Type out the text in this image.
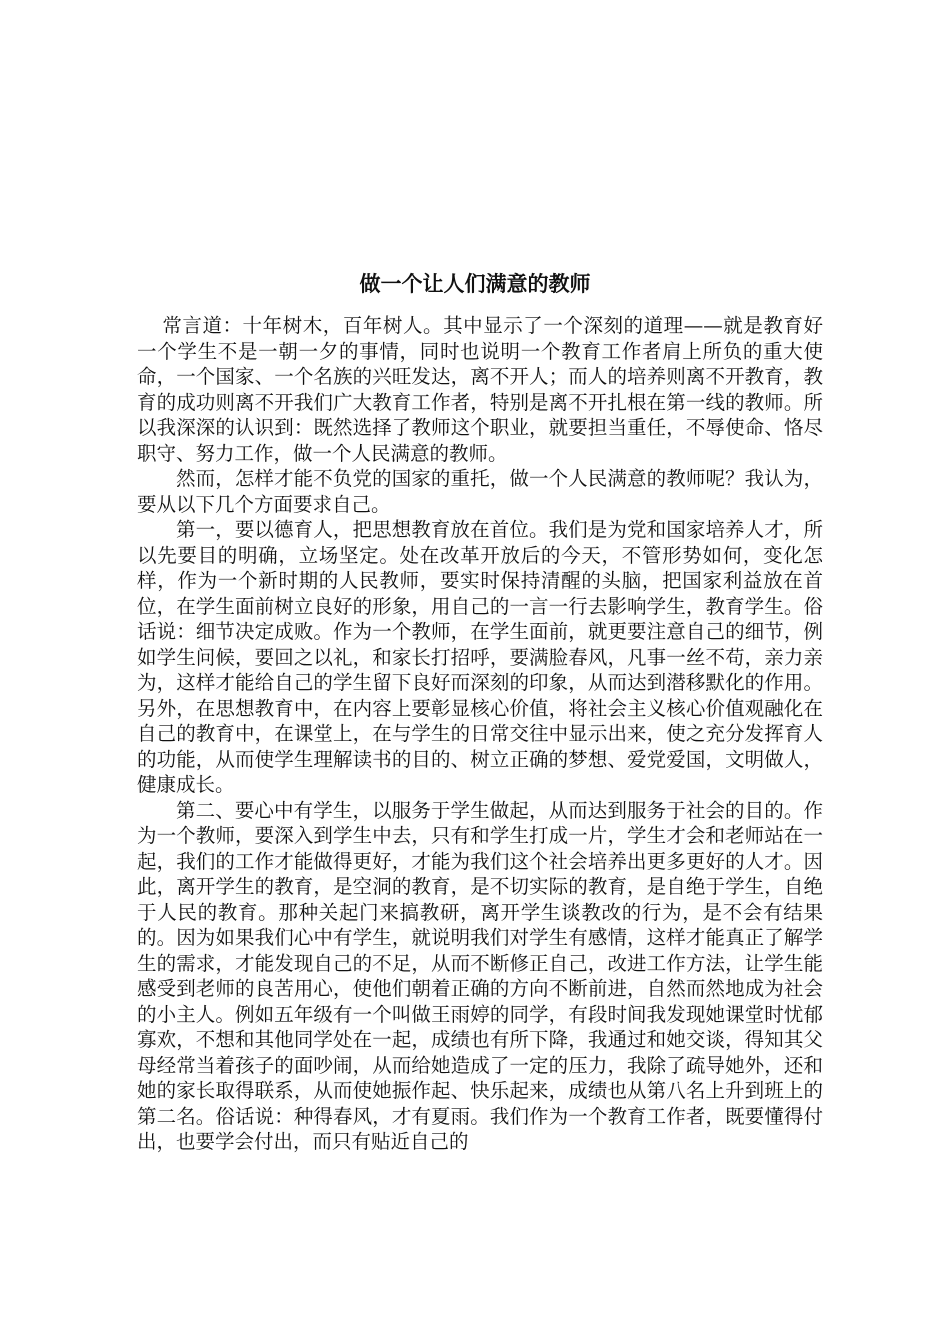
做一个让人们满意的教师

常言道：十年树木，百年树人。其中显示了一个深刻的道理——就是教育好一个学生不是一朝一夕的事情，同时也说明一个教育工作者肩上所负的重大使命，一个国家、一个名族的兴旺发达，离不开人；而人的培养则离不开教育，教育的成功则离不开我们广大教育工作者，特别是离不开扎根在第一线的教师。所以我深深的认识到：既然选择了教师这个职业，就要担当重任，不辱使命、恪尽职守、努力工作，做一个人民满意的教师。

然而，怎样才能不负党的国家的重托，做一个人民满意的教师呢？我认为，要从以下几个方面要求自己。

第一，要以德育人，把思想教育放在首位。我们是为党和国家培养人才，所以先要目的明确，立场坚定。处在改革开放后的今天，不管形势如何，变化怎样，作为一个新时期的人民教师，要实时保持清醒的头脑，把国家利益放在首位，在学生面前树立良好的形象，用自己的一言一行去影响学生，教育学生。俗话说：细节决定成败。作为一个教师，在学生面前，就更要注意自己的细节，例如学生问候，要回之以礼，和家长打招呼，要满脸春风，凡事一丝不苟，亲力亲为，这样才能给自己的学生留下良好而深刻的印象，从而达到潜移默化的作用。另外，在思想教育中，在内容上要彰显核心价值，将社会主义核心价值观融化在自己的教育中，在课堂上，在与学生的日常交往中显示出来，使之充分发挥育人的功能，从而使学生理解读书的目的、树立正确的梦想、爱党爱国，文明做人，健康成长。

第二、要心中有学生，以服务于学生做起，从而达到服务于社会的目的。作为一个教师，要深入到学生中去，只有和学生打成一片，学生才会和老师站在一起，我们的工作才能做得更好，才能为我们这个社会培养出更多更好的人才。因此，离开学生的教育，是空洞的教育，是不切实际的教育，是自绝于学生，自绝于人民的教育。那种关起门来搞教研，离开学生谈教改的行为，是不会有结果的。因为如果我们心中有学生，就说明我们对学生有感情，这样才能真正了解学生的需求，才能发现自己的不足，从而不断修正自己，改进工作方法，让学生能感受到老师的良苦用心，使他们朝着正确的方向不断前进，自然而然地成为社会的小主人。例如五年级有一个叫做王雨婷的同学，有段时间我发现她课堂时忧郁寡欢，不想和其他同学处在一起，成绩也有所下降，我通过和她交谈，得知其父母经常当着孩子的面吵闹，从而给她造成了一定的压力，我除了疏导她外，还和她的家长取得联系，从而使她振作起、快乐起来，成绩也从第八名上升到班上的第二名。俗话说：种得春风，才有夏雨。我们作为一个教育工作者，既要懂得付出，也要学会付出，而只有贴近自己的
